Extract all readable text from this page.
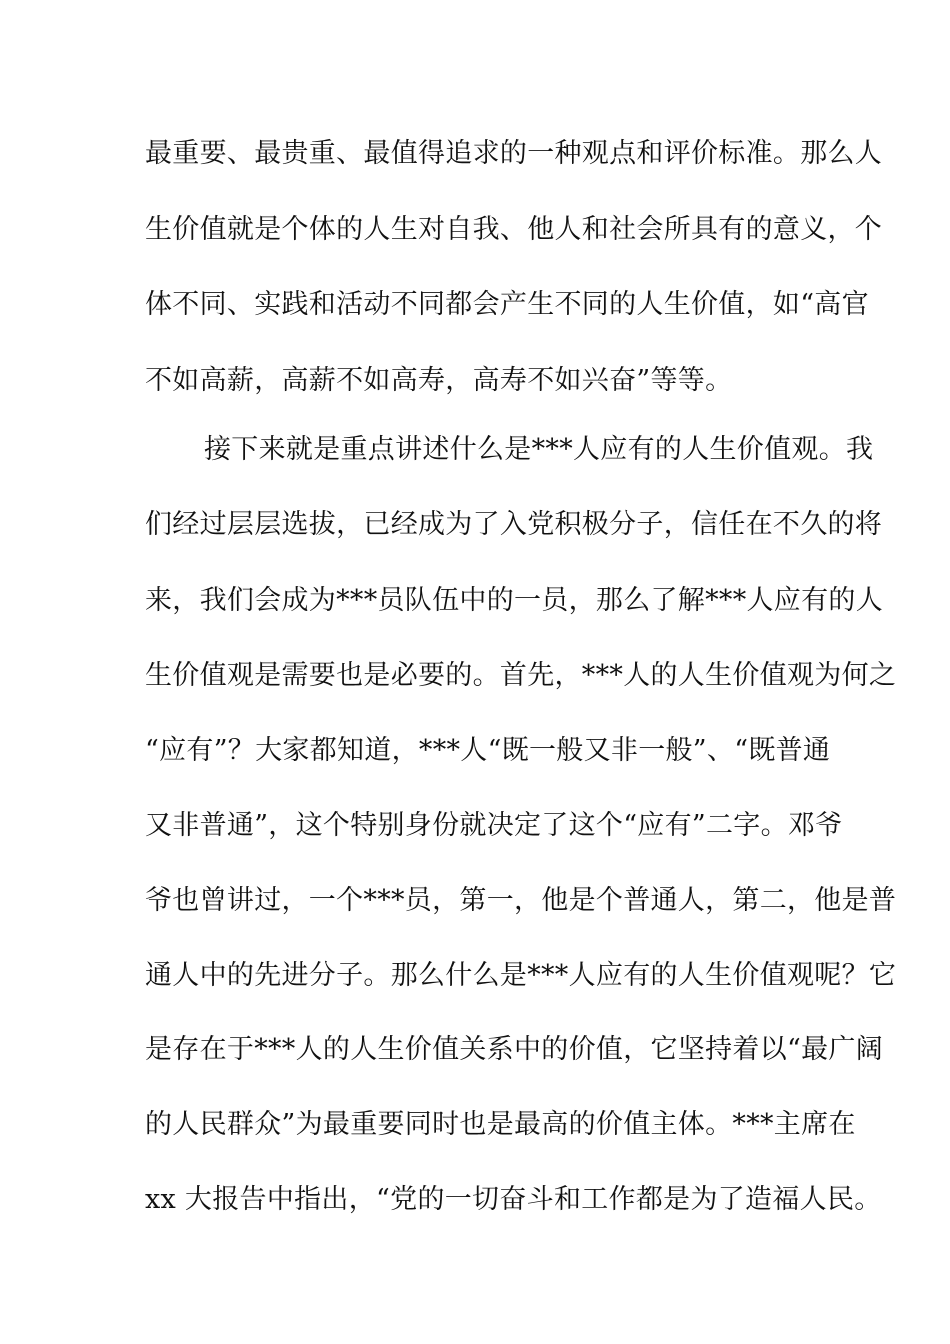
最重要、最贵重、最值得追求的一种观点和评价标准。那么人
生价值就是个体的人生对自我、他人和社会所具有的意义，个
体不同、实践和活动不同都会产生不同的人生价值，如“高官
不如高薪，高薪不如高寿，高寿不如兴奋”等等。
接下来就是重点讲述什么是***人应有的人生价值观。我
们经过层层选拔，已经成为了入党积极分子，信任在不久的将
来，我们会成为***员队伍中的一员，那么了解***人应有的人
生价值观是需要也是必要的。首先，***人的人生价值观为何之
“应有”？大家都知道，***人“既一般又非一般”、“既普通
又非普通”，这个特别身份就决定了这个“应有”二字。邓爷
爷也曾讲过，一个***员，第一，他是个普通人，第二，他是普
通人中的先进分子。那么什么是***人应有的人生价值观呢？它
是存在于***人的人生价值关系中的价值，它坚持着以“最广阔
的人民群众”为最重要同时也是最高的价值主体。***主席在
xx 大报告中指出，“党的一切奋斗和工作都是为了造福人民。
